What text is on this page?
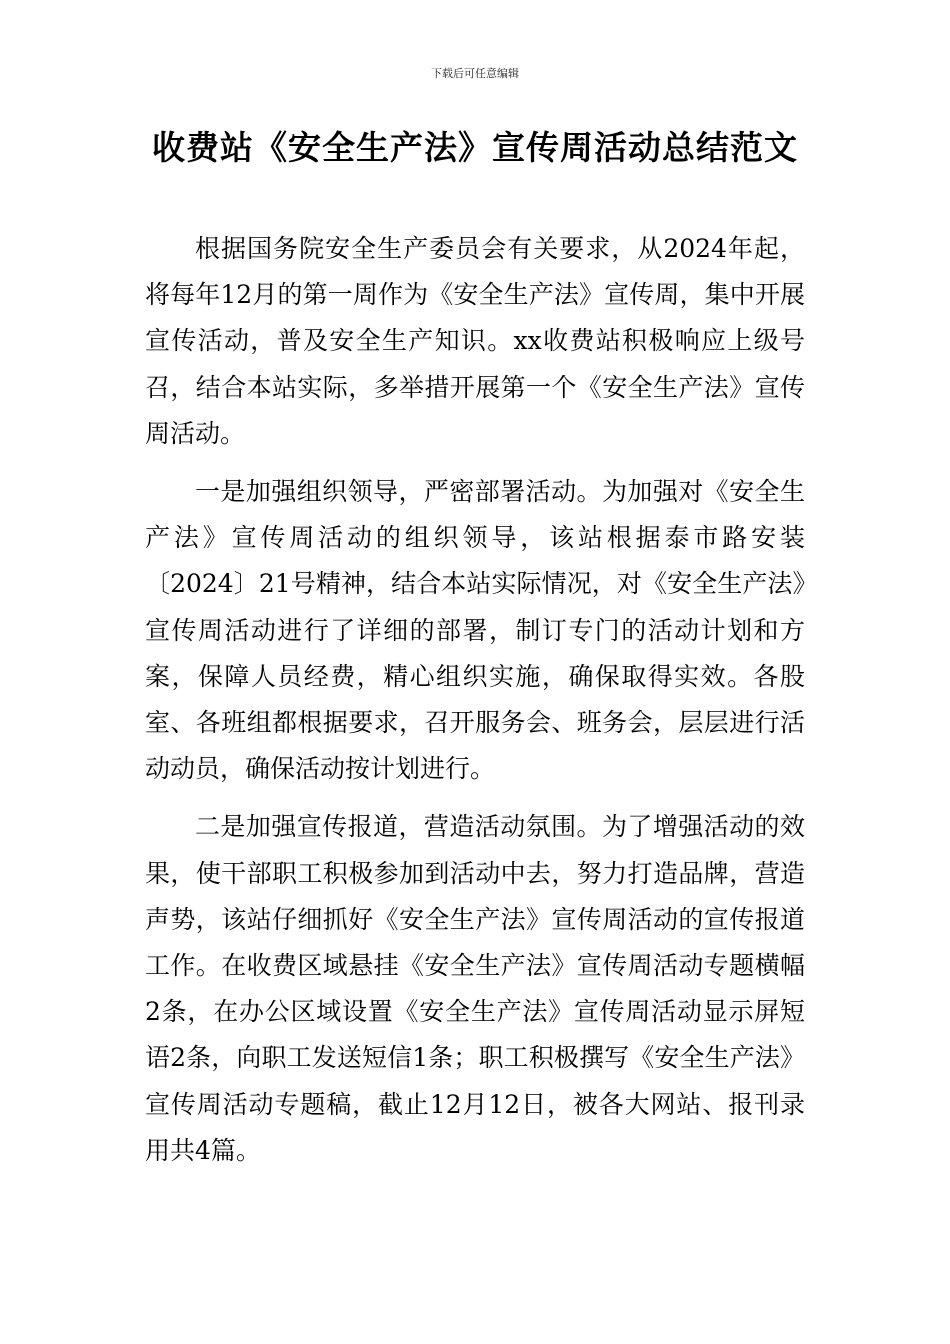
下载后可任意编辑
收费站《安全生产法》宣传周活动总结范文

根据国务院安全生产委员会有关要求，从2024年起，将每年12月的第一周作为《安全生产法》宣传周，集中开展宣传活动，普及安全生产知识。xx收费站积极响应上级号召，结合本站实际，多举措开展第一个《安全生产法》宣传周活动。

一是加强组织领导，严密部署活动。为加强对《安全生产法》宣传周活动的组织领导，该站根据泰市路安装〔2024〕21号精神，结合本站实际情况，对《安全生产法》宣传周活动进行了详细的部署，制订专门的活动计划和方案，保障人员经费，精心组织实施，确保取得实效。各股室、各班组都根据要求，召开服务会、班务会，层层进行活动动员，确保活动按计划进行。

二是加强宣传报道，营造活动氛围。为了增强活动的效果，使干部职工积极参加到活动中去，努力打造品牌，营造声势，该站仔细抓好《安全生产法》宣传周活动的宣传报道工作。在收费区域悬挂《安全生产法》宣传周活动专题横幅2条，在办公区域设置《安全生产法》宣传周活动显示屏短语2条，向职工发送短信1条；职工积极撰写《安全生产法》宣传周活动专题稿，截止12月12日，被各大网站、报刊录用共4篇。
